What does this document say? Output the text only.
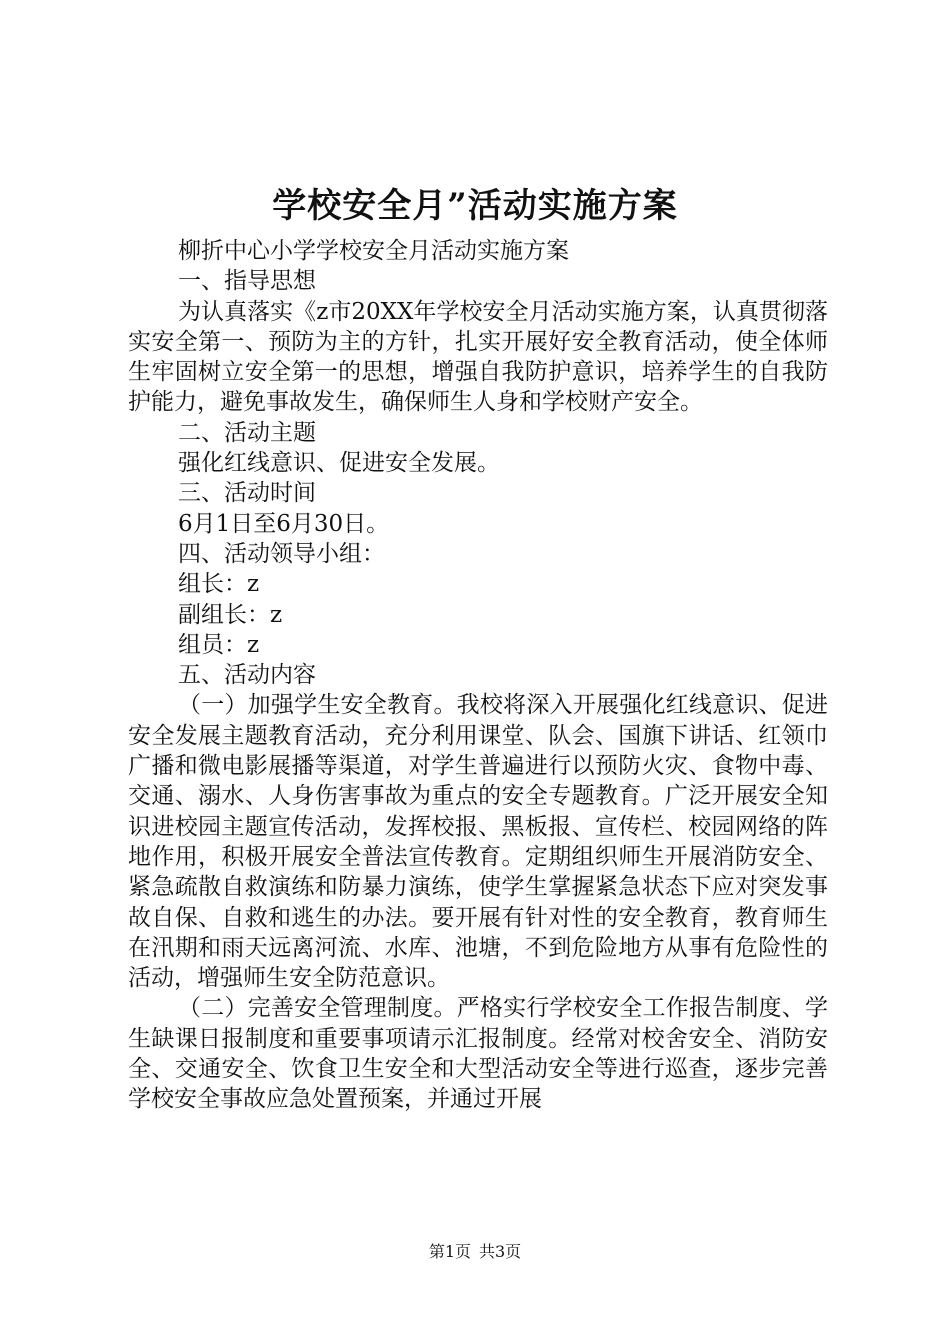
学校安全月”活动实施方案

柳折中心小学学校安全月活动实施方案

一、指导思想

为认真落实《z市20XX年学校安全月活动实施方案，认真贯彻落实安全第一、预防为主的方针，扎实开展好安全教育活动，使全体师生牢固树立安全第一的思想，增强自我防护意识，培养学生的自我防护能力，避免事故发生，确保师生人身和学校财产安全。

二、活动主题

强化红线意识、促进安全发展。

三、活动时间

6月1日至6月30日。

四、活动领导小组：

组长：z

副组长：z

组员：z

五、活动内容

（一）加强学生安全教育。我校将深入开展强化红线意识、促进安全发展主题教育活动，充分利用课堂、队会、国旗下讲话、红领巾广播和微电影展播等渠道，对学生普遍进行以预防火灾、食物中毒、交通、溺水、人身伤害事故为重点的安全专题教育。广泛开展安全知识进校园主题宣传活动，发挥校报、黑板报、宣传栏、校园网络的阵地作用，积极开展安全普法宣传教育。定期组织师生开展消防安全、紧急疏散自救演练和防暴力演练，使学生掌握紧急状态下应对突发事故自保、自救和逃生的办法。要开展有针对性的安全教育，教育师生在汛期和雨天远离河流、水库、池塘，不到危险地方从事有危险性的活动，增强师生安全防范意识。

（二）完善安全管理制度。严格实行学校安全工作报告制度、学生缺课日报制度和重要事项请示汇报制度。经常对校舍安全、消防安全、交通安全、饮食卫生安全和大型活动安全等进行巡查，逐步完善学校安全事故应急处置预案，并通过开展

第1页 共3页
